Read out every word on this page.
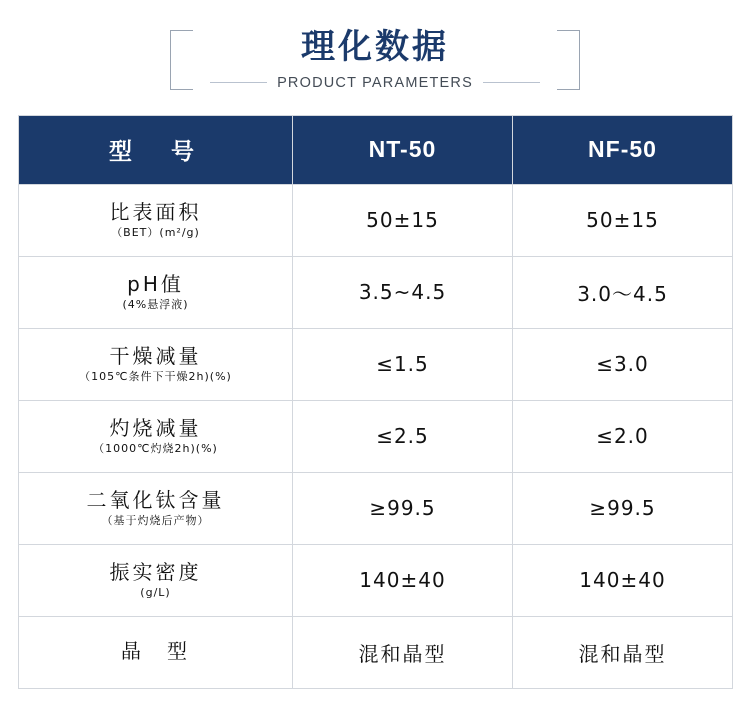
理化数据
PRODUCT PARAMETERS
型　号	NT-50	NF-50

比表面积
（BET）(m²/g)	50±15	50±15

pH值
(4%悬浮液)	3.5~4.5	3.0～4.5

干燥减量
（105℃条件下干燥2h)(%)	≤1.5	≤3.0

灼烧减量
（1000℃灼烧2h)(%)	≤2.5	≤2.0

二氧化钛含量
（基于灼烧后产物）	≥99.5	≥99.5

振实密度
(g/L)	140±40	140±40

晶　型	混和晶型	混和晶型
